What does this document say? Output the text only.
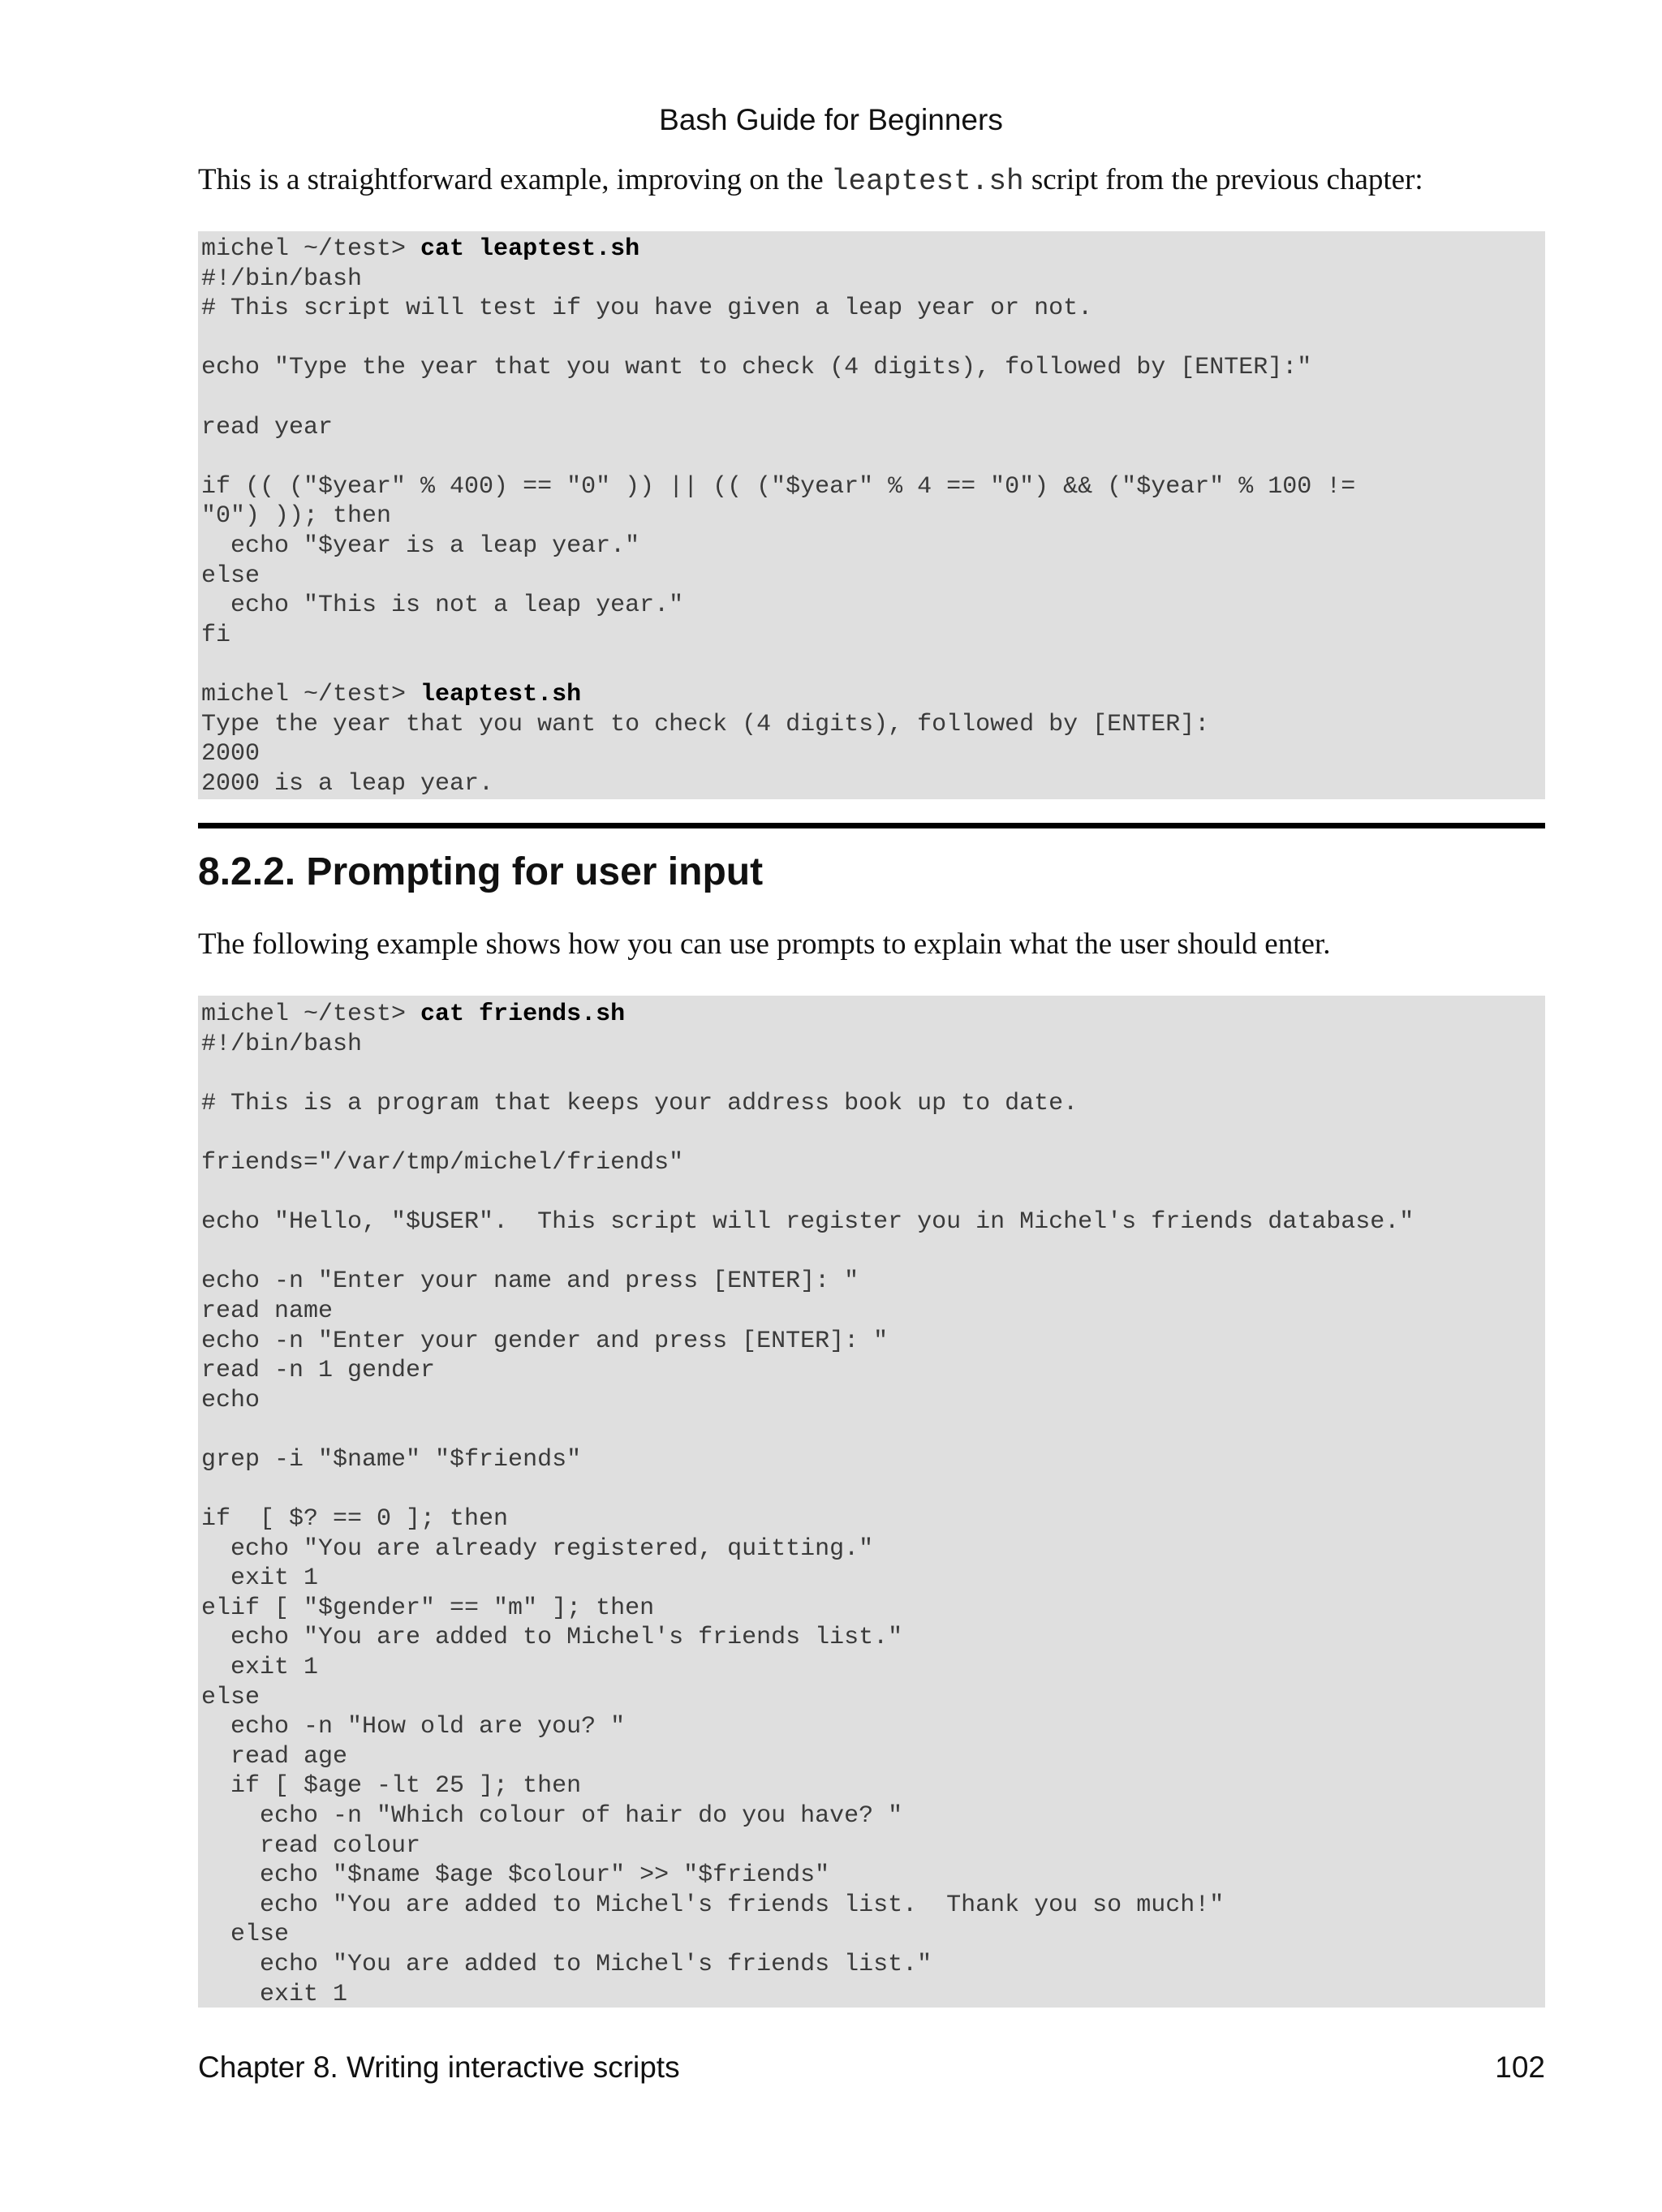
Bash Guide for Beginners
This is a straightforward example, improving on the leaptest.sh script from the previous chapter:
michel ~/test> cat leaptest.sh
#!/bin/bash
# This script will test if you have given a leap year or not.
echo "Type the year that you want to check (4 digits), followed by [ENTER]:"
read year
if (( ("$year" % 400) == "0" )) || (( ("$year" % 4 == "0") && ("$year" % 100 !=
"0") )); then
echo "$year is a leap year."
else
echo "This is not a leap year."
fi
michel ~/test> leaptest.sh
Type the year that you want to check (4 digits), followed by [ENTER]:
2000
2000 is a leap year.
8.2.2. Prompting for user input
The following example shows how you can use prompts to explain what the user should enter.
michel ~/test> cat friends.sh
#!/bin/bash
# This is a program that keeps your address book up to date.
friends="/var/tmp/michel/friends"
echo "Hello, "$USER".  This script will register you in Michel's friends database."
echo -n "Enter your name and press [ENTER]: "
read name
echo -n "Enter your gender and press [ENTER]: "
read -n 1 gender
echo
grep -i "$name" "$friends"
if  [ $? == 0 ]; then
echo "You are already registered, quitting."
exit 1
elif [ "$gender" == "m" ]; then
echo "You are added to Michel's friends list."
exit 1
else
echo -n "How old are you? "
read age
if [ $age -lt 25 ]; then
echo -n "Which colour of hair do you have? "
read colour
echo "$name $age $colour" >> "$friends"
echo "You are added to Michel's friends list.  Thank you so much!"
else
echo "You are added to Michel's friends list."
exit 1
Chapter 8. Writing interactive scripts	102
